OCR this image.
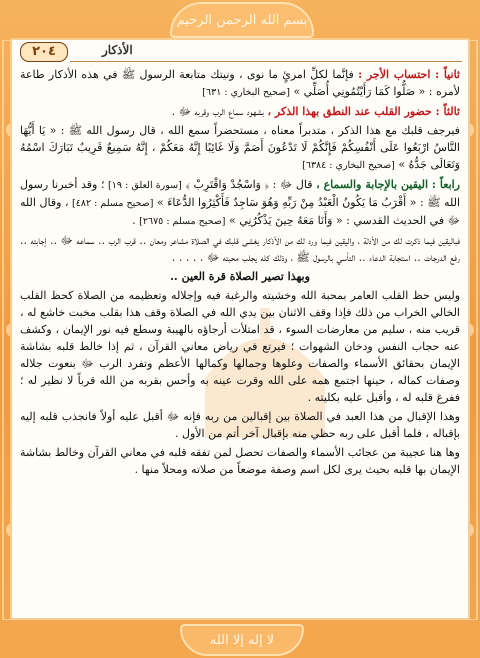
بسم الله الرحمن الرحيم
٢٠٤	الأذكار

ثانياً : احتساب الأجر : فإنَّما لكلِّ امرئٍ ما نوى ، ونيتك متابعة الرسول ﷺ في هذه الأذكار طاعة لأمره : « صَلُّوا كَمَا رَأَيْتُمُونِي أُصَلِّي » [صحيح البخاري : ٦٣١]

ثالثاً : حضور القلب عند النطق بهذا الذكر ، بشهود سماع الرب وقربه ﷻ .

فيرجف قلبك مع هذا الذكر ، متدبراً معناه ، مستحضراً سمع الله ، قال رسول الله ﷺ : « يَا أَيُّهَا النَّاسُ ارْبَعُوا عَلَى أَنْفُسِكُمْ فَإِنَّكُمْ لَا تَدْعُونَ أَصَمَّ وَلَا غَائِبًا إِنَّهُ مَعَكُمْ ، إِنَّهُ سَمِيعٌ قَرِيبٌ تَبَارَكَ اسْمُهُ وَتَعَالَى جَدُّهُ » [صحيح البخاري : ٦٣٨٤]

رابعاً : اليقين بالإجابة والسماع ، قال ﷻ : ﴿ وَاسْجُدْ وَاقْتَرِبْ ﴾ [سورة العلق : ١٩] ؛ وقد أخبرنا رسول الله ﷺ : « أَقْرَبُ مَا يَكُونُ الْعَبْدُ مِنْ رَبِّهِ وَهُوَ سَاجِدٌ فَأَكْثِرُوا الدُّعَاءَ » [صحيح مسلم : ٤٨٢] ، وقال الله ﷻ في الحديث القدسي : « وَأَنَا مَعَهُ حِينَ يَذْكُرُنِي » [صحيح مسلم : ٢٦٧٥] .

فباليقين فيما ذكرت لك من الأدلة ، واليقين فيما ورد لك من الأذكار يغشى قلبك في الصلاة مشاعر ومعان .. قرب الرب .. سماعه ﷻ .. إجابته .. رفع الدرجات .. استجابة الدعاء .. التأسي بالرسول ﷺ ، وذلك كله يجلب محبته ﷻ . . . . .

وبهذا تصير الصلاة قرة العين ..

وليس حظ القلب العامر بمحبة الله وخشيته والرغبة فيه وإجلاله وتعظيمه من الصلاة كحظ القلب الخالي الخراب من ذلك فإذا وقف الاثنان بين يدي الله في الصلاة وقف هذا بقلب مخبت خاشع له ، قريب منه ، سليم من معارضات السوء ، قد امتلأت أرجاؤه بالهيبة وسطع فيه نور الإيمان ، وكشف عنه حجاب النفس ودخان الشهوات ؛ فيرتع في رياض معاني القرآن ، ثم إذا خالط قلبه بشاشة الإيمان بحقائق الأسماء والصفات وعلوها وجمالها وكمالها الأعظم وتفرد الرب ﷻ بنعوت جلاله وصفات كماله ، حينها اجتمع همه على الله وقرت عينه به وأحس بقربه من الله قرباً لا نظير له ؛ ففرغ قلبه له ، وأقبل عليه بكليته .

وهذا الإقبال من هذا العبد في الصلاة بين إقبالين من ربه فإنه ﷻ أقبل عليه أولاً فانجذب قلبه إليه بإقباله ، فلما أقبل على ربه حظي منه بإقبال آخر أتم من الأول .

وها هنا عجيبة من عجائب الأسماء والصفات تحصل لمن تفقه قلبه في معاني القرآن وخالط بشاشة الإيمان بها قلبه بحيث يرى لكل اسم وصفة موضعاً من صلاته ومحلاً منها .

لا إله إلا الله
